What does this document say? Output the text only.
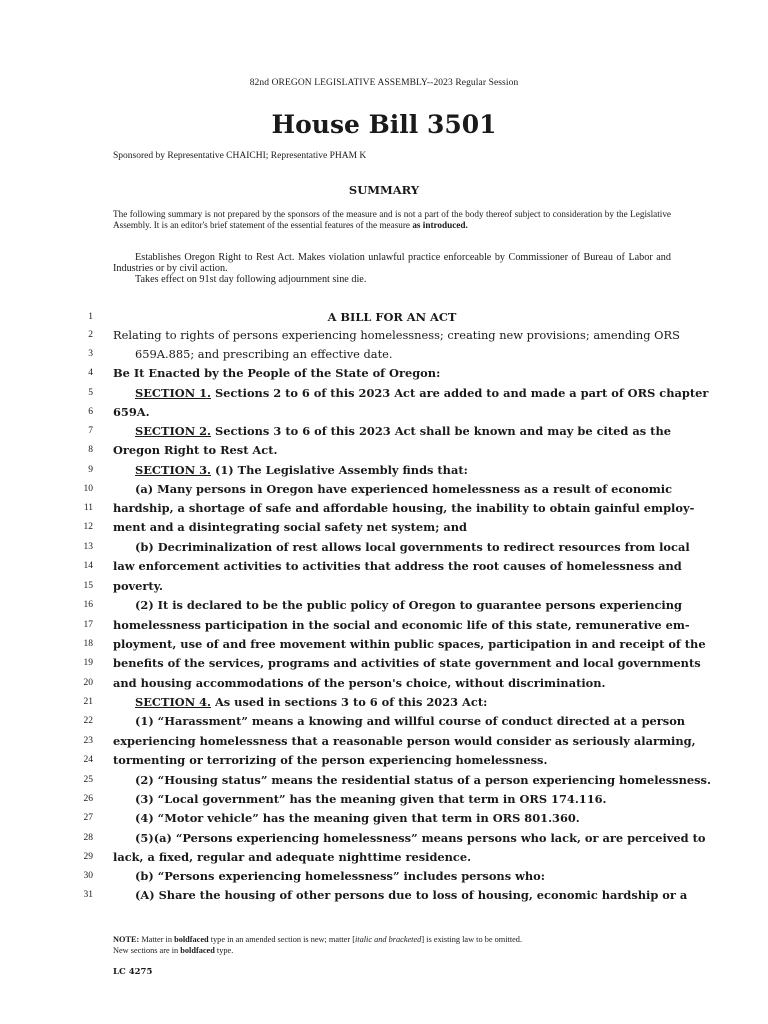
82nd OREGON LEGISLATIVE ASSEMBLY--2023 Regular Session
House Bill 3501
Sponsored by Representative CHAICHI; Representative PHAM K
SUMMARY
The following summary is not prepared by the sponsors of the measure and is not a part of the body thereof subject to consideration by the Legislative Assembly. It is an editor's brief statement of the essential features of the measure as introduced.

Establishes Oregon Right to Rest Act. Makes violation unlawful practice enforceable by Commissioner of Bureau of Labor and Industries or by civil action.

Takes effect on 91st day following adjournment sine die.

1	A BILL FOR AN ACT
2 Relating to rights of persons experiencing homelessness; creating new provisions; amending ORS
3	659A.885; and prescribing an effective date.
4 Be It Enacted by the People of the State of Oregon:
5	SECTION 1. Sections 2 to 6 of this 2023 Act are added to and made a part of ORS chapter
6 659A.
7	SECTION 2. Sections 3 to 6 of this 2023 Act shall be known and may be cited as the
8 Oregon Right to Rest Act.
9	SECTION 3. (1) The Legislative Assembly finds that:
10	(a) Many persons in Oregon have experienced homelessness as a result of economic
11 hardship, a shortage of safe and affordable housing, the inability to obtain gainful employ-
12 ment and a disintegrating social safety net system; and
13	(b) Decriminalization of rest allows local governments to redirect resources from local
14 law enforcement activities to activities that address the root causes of homelessness and
15 poverty.
16	(2) It is declared to be the public policy of Oregon to guarantee persons experiencing
17 homelessness participation in the social and economic life of this state, remunerative em-
18 ployment, use of and free movement within public spaces, participation in and receipt of the
19 benefits of the services, programs and activities of state government and local governments
20 and housing accommodations of the person's choice, without discrimination.
21	SECTION 4. As used in sections 3 to 6 of this 2023 Act:
22	(1) “Harassment” means a knowing and willful course of conduct directed at a person
23 experiencing homelessness that a reasonable person would consider as seriously alarming,
24 tormenting or terrorizing of the person experiencing homelessness.
25	(2) “Housing status” means the residential status of a person experiencing homelessness.
26	(3) “Local government” has the meaning given that term in ORS 174.116.
27	(4) “Motor vehicle” has the meaning given that term in ORS 801.360.
28	(5)(a) “Persons experiencing homelessness” means persons who lack, or are perceived to
29 lack, a fixed, regular and adequate nighttime residence.
30	(b) “Persons experiencing homelessness” includes persons who:
31	(A) Share the housing of other persons due to loss of housing, economic hardship or a
NOTE: Matter in boldfaced type in an amended section is new; matter [italic and bracketed] is existing law to be omitted.
New sections are in boldfaced type.
LC 4275
